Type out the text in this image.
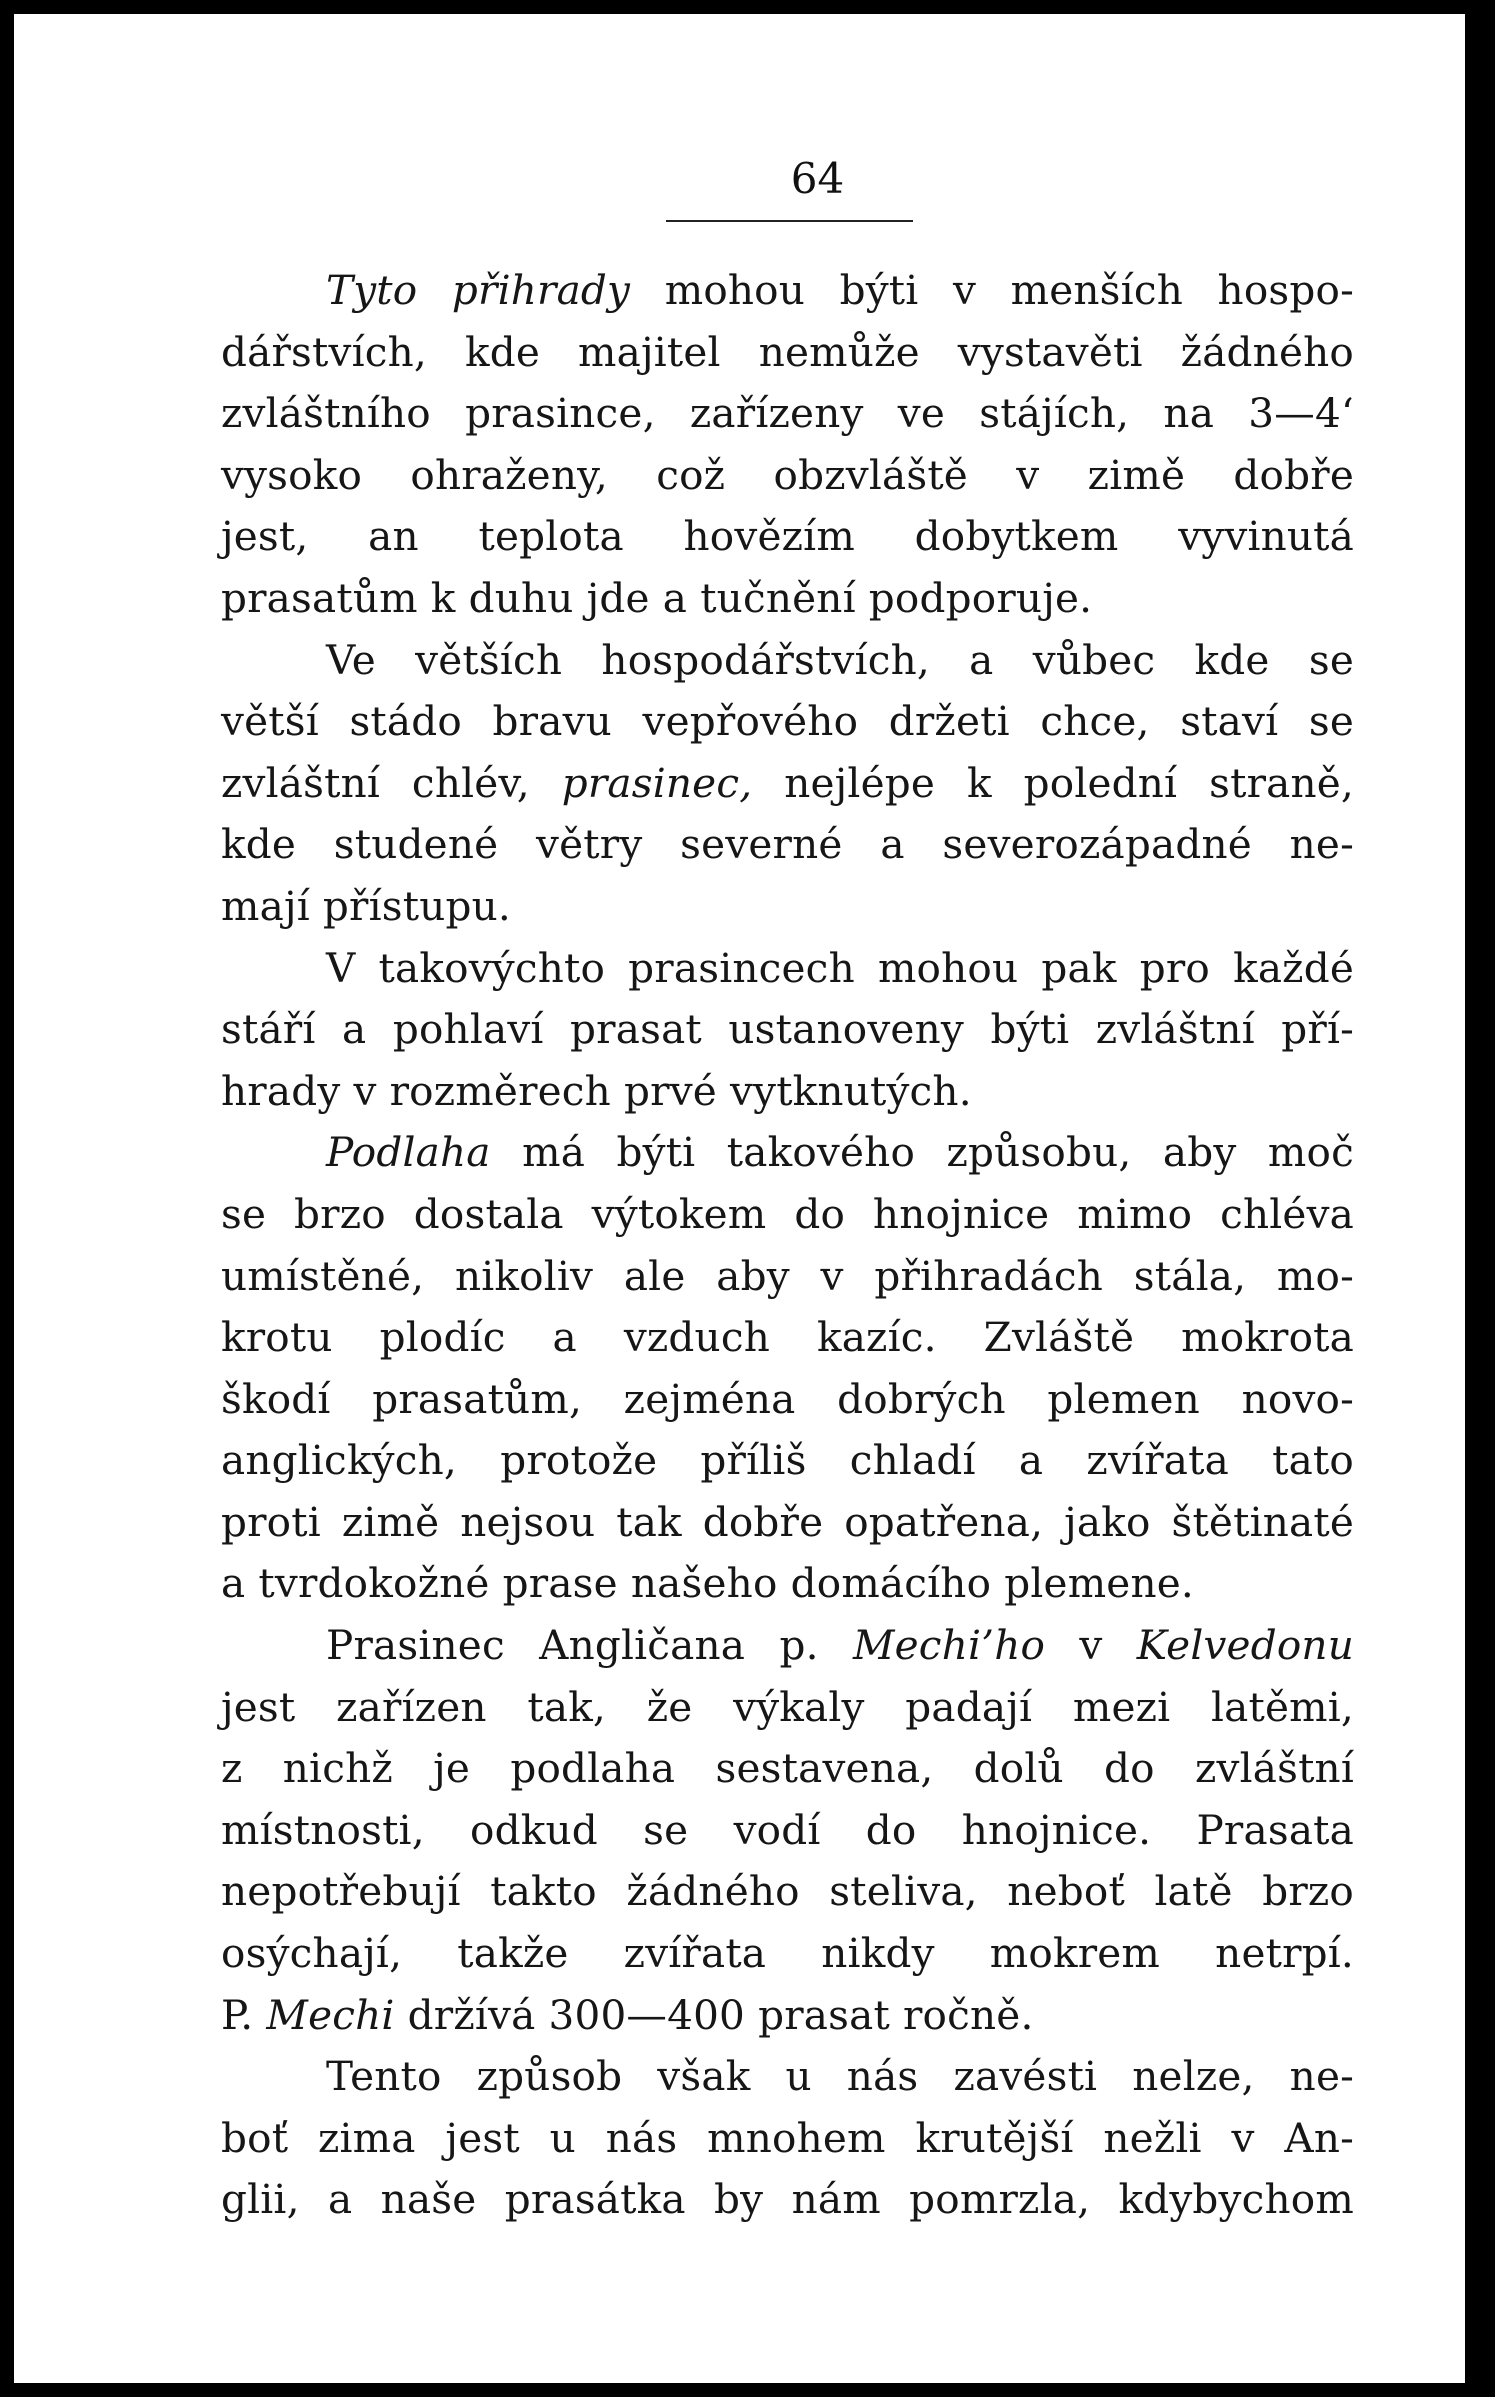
64
Tyto přihrady mohou býti v menších hospo-
dářstvích, kde majitel nemůže vystavěti žádného
zvláštního prasince, zařízeny ve stájích, na 3—4‘
vysoko ohraženy, což obzvláště v zimě dobře
jest, an teplota hovězím dobytkem vyvinutá
prasatům k duhu jde a tučnění podporuje.
Ve větších hospodářstvích, a vůbec kde se
větší stádo bravu vepřového držeti chce, staví se
zvláštní chlév, prasinec, nejlépe k polední straně,
kde studené větry severné a severozápadné ne-
mají přístupu.
V takovýchto prasincech mohou pak pro každé
stáří a pohlaví prasat ustanoveny býti zvláštní pří-
hrady v rozměrech prvé vytknutých.
Podlaha má býti takového způsobu, aby moč
se brzo dostala výtokem do hnojnice mimo chléva
umístěné, nikoliv ale aby v přihradách stála, mo-
krotu plodíc a vzduch kazíc. Zvláště mokrota
škodí prasatům, zejména dobrých plemen novo-
anglických, protože příliš chladí a zvířata tato
proti zimě nejsou tak dobře opatřena, jako štětinaté
a tvrdokožné prase našeho domácího plemene.
Prasinec Angličana p. Mechi’ho v Kelvedonu
jest zařízen tak, že výkaly padají mezi latěmi,
z nichž je podlaha sestavena, dolů do zvláštní
místnosti, odkud se vodí do hnojnice. Prasata
nepotřebují takto žádného steliva, neboť latě brzo
osýchají, takže zvířata nikdy mokrem netrpí.
P. Mechi držívá 300—400 prasat ročně.
Tento způsob však u nás zavésti nelze, ne-
boť zima jest u nás mnohem krutější nežli v An-
glii, a naše prasátka by nám pomrzla, kdybychom
